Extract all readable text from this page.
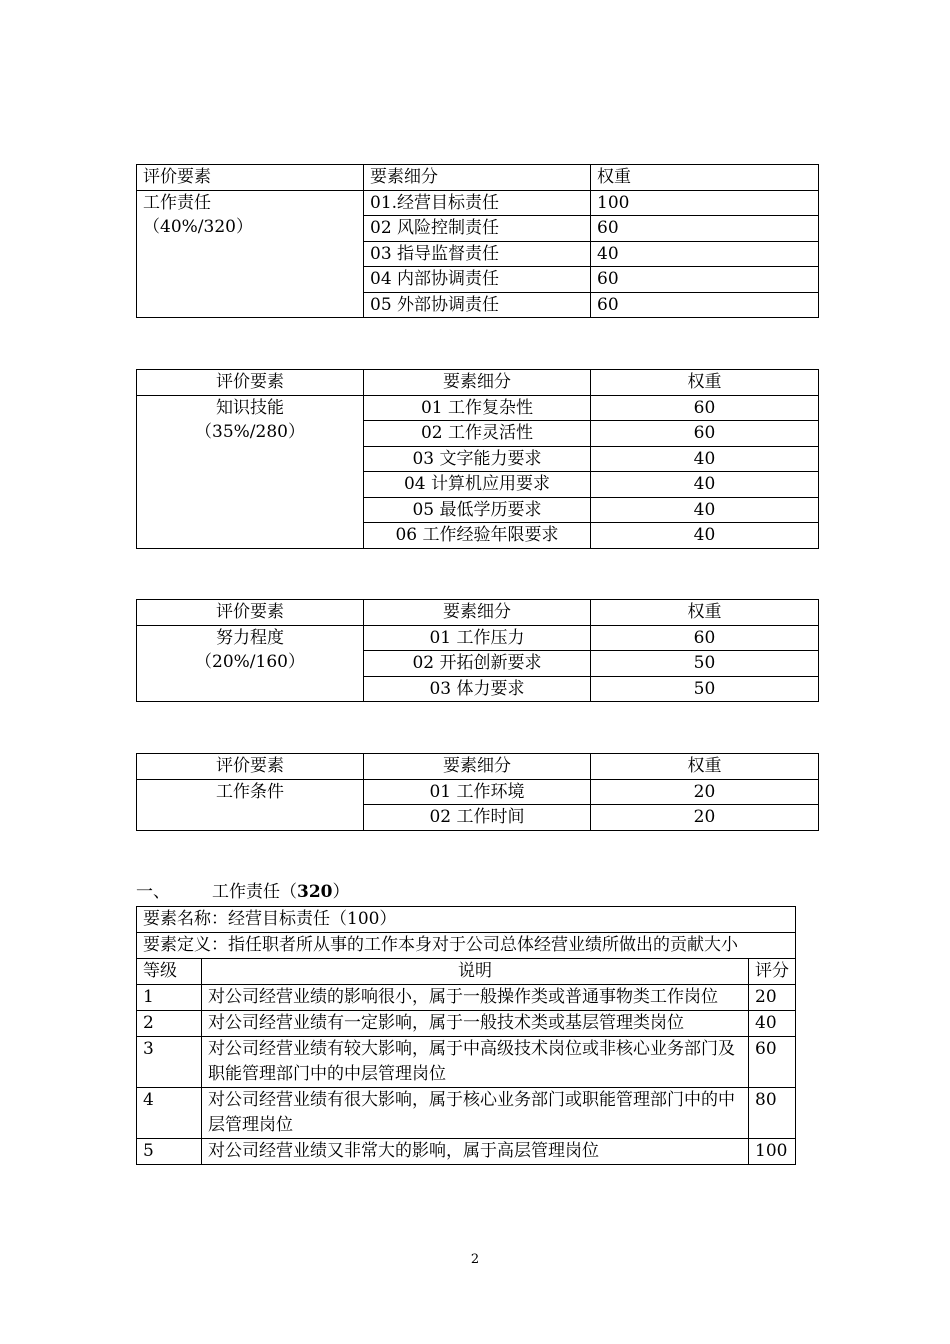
评价要素	要素细分	权重

工作责任
（40%/320）	01.经营目标责任	100
	02 风险控制责任	60
	03 指导监督责任	40
	04 内部协调责任	60
	05 外部协调责任	60
评价要素	要素细分	权重

知识技能
（35%/280）	01 工作复杂性	60
	02 工作灵活性	60
	03 文字能力要求	40
	04 计算机应用要求	40
	05 最低学历要求	40
	06 工作经验年限要求	40
评价要素	要素细分	权重

努力程度
（20%/160）	01 工作压力	60
	02 开拓创新要求	50
	03 体力要求	50
评价要素	要素细分	权重

工作条件	01 工作环境	20
	02 工作时间	20
一、 工作责任（320）
要素名称：经营目标责任（100）		
要素定义：指任职者所从事的工作本身对于公司总体经营业绩所做出的贡献大小		
等级	说明	评分
1	对公司经营业绩的影响很小，属于一般操作类或普通事物类工作岗位	20
2	对公司经营业绩有一定影响，属于一般技术类或基层管理类岗位	40
3	对公司经营业绩有较大影响，属于中高级技术岗位或非核心业务部门及职能管理部门中的中层管理岗位	60
4	对公司经营业绩有很大影响，属于核心业务部门或职能管理部门中的中层管理岗位	80
5	对公司经营业绩又非常大的影响，属于高层管理岗位	100
2
